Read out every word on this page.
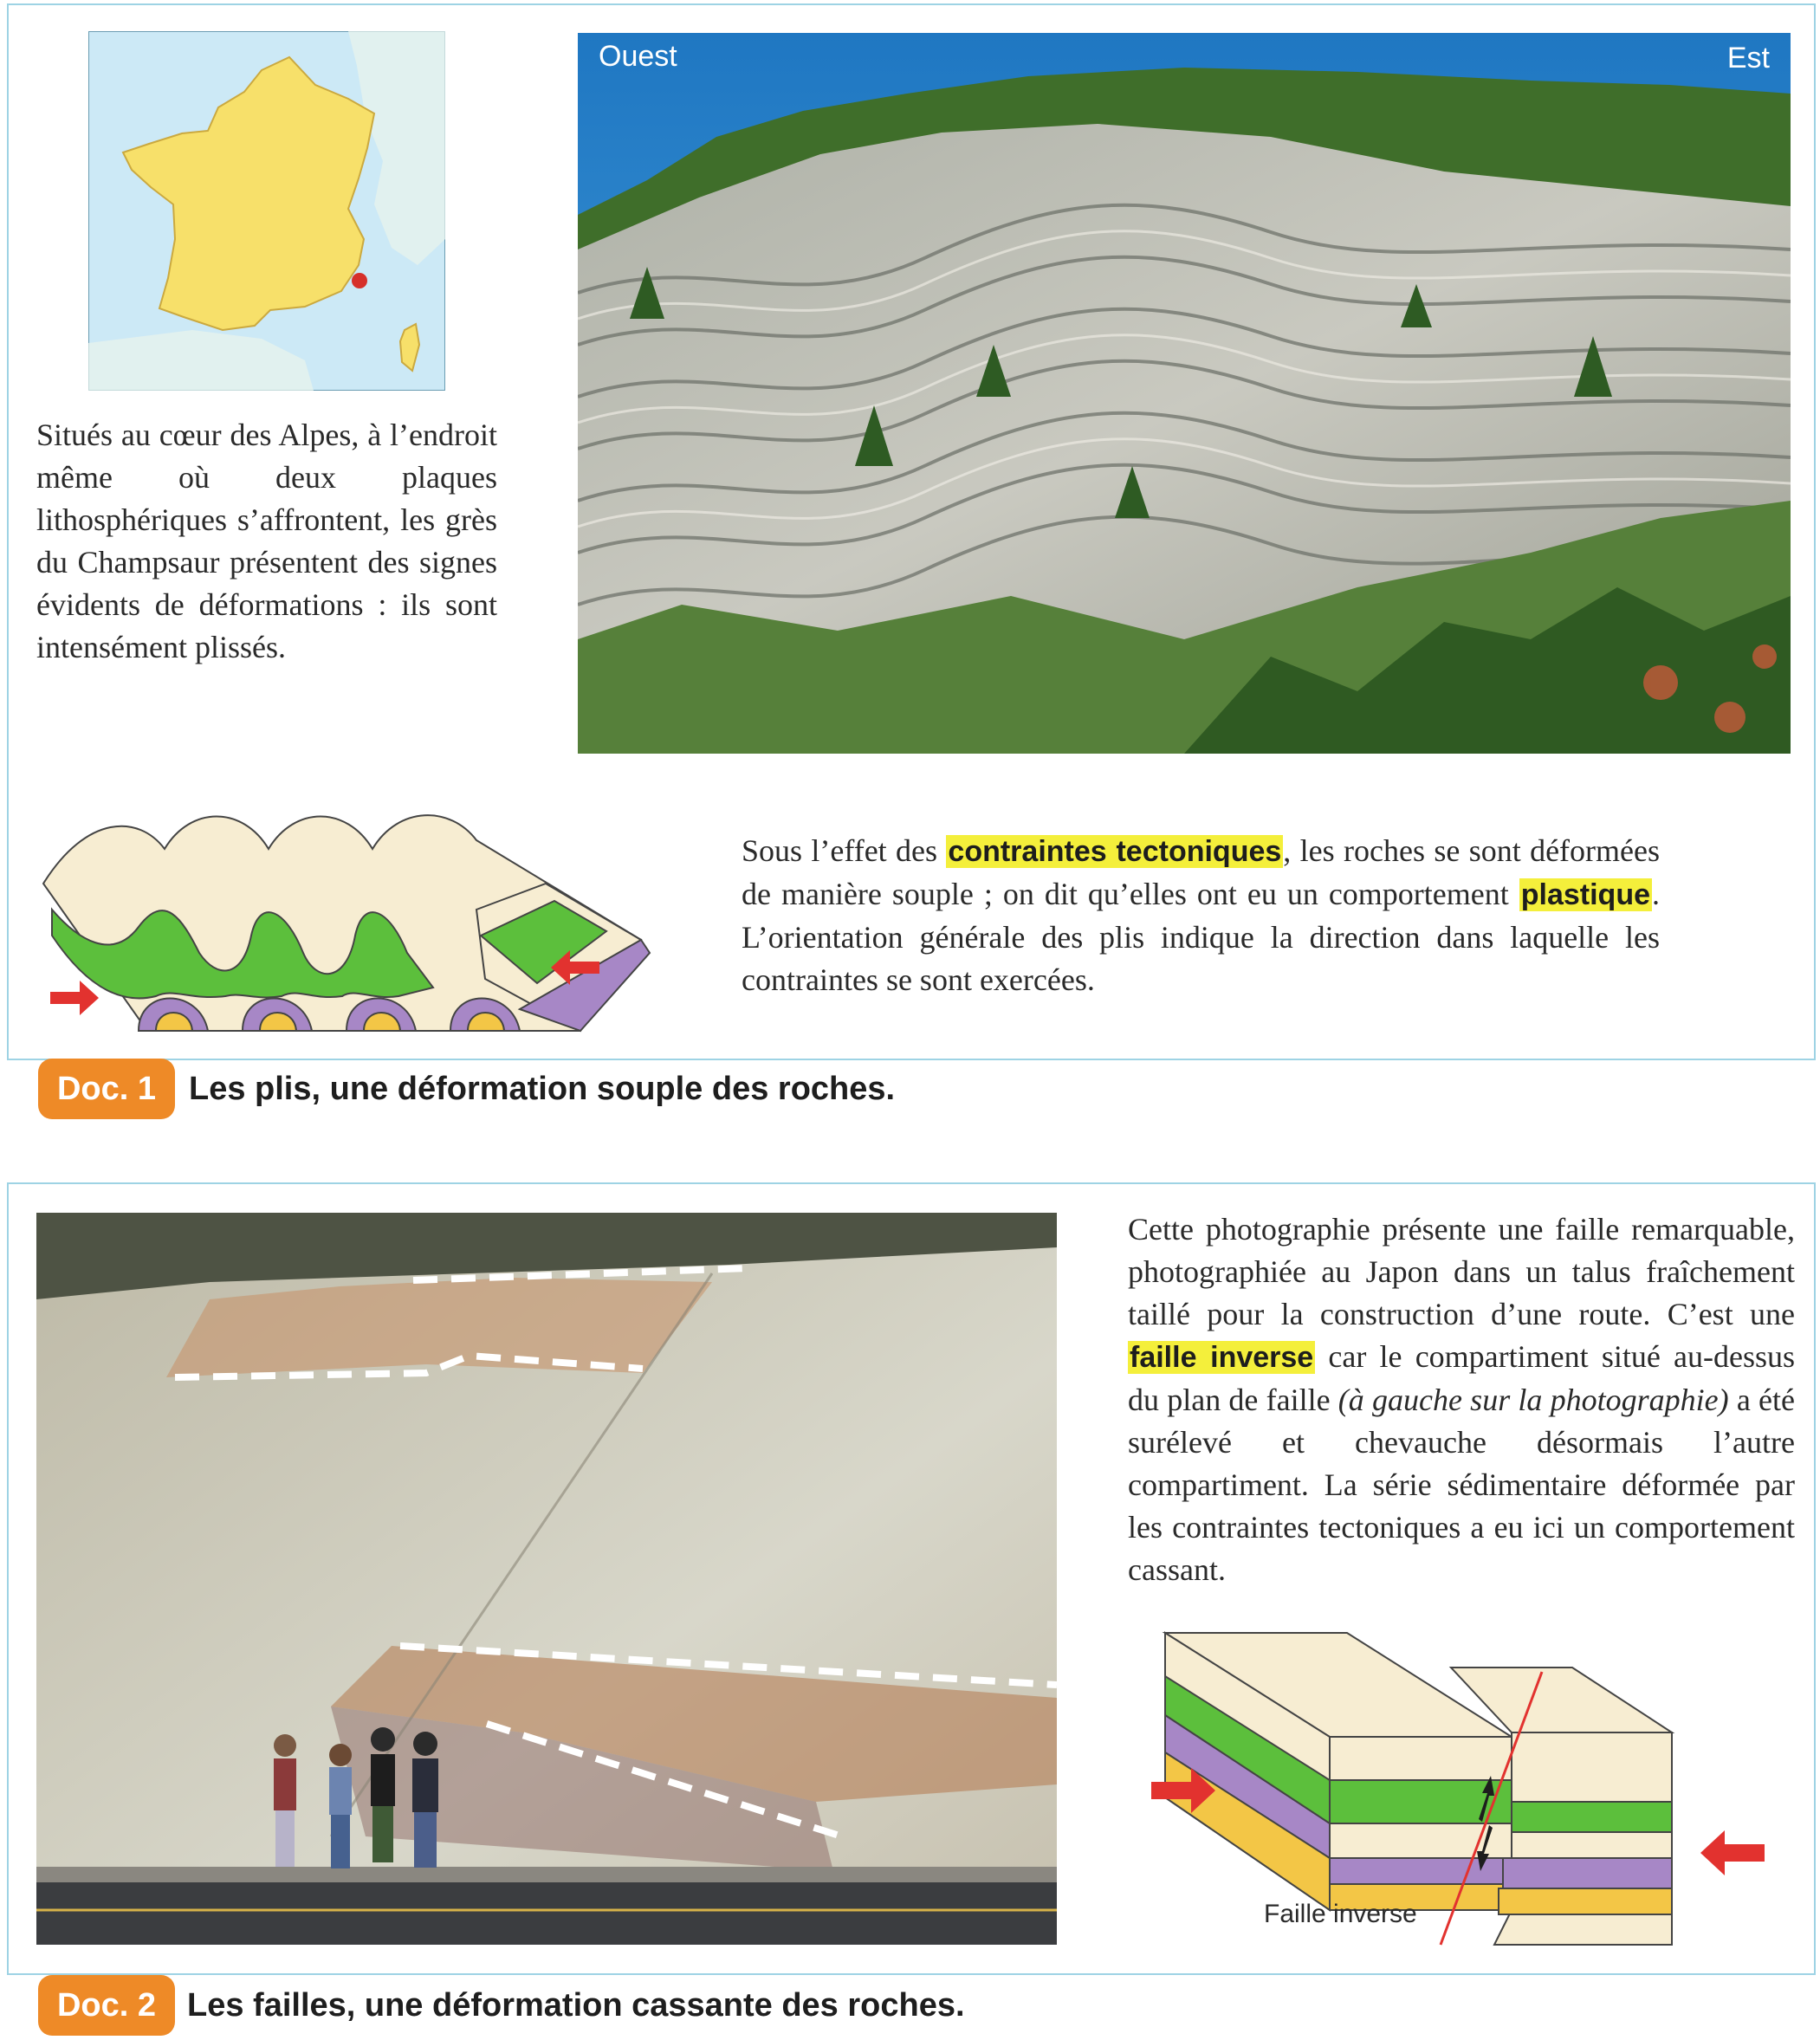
Situés au cœur des Alpes, à l’endroit même où deux plaques lithosphériques s’affrontent, les grès du Champsaur présentent des signes évidents de déformations : ils sont intensément plissés.
Ouest	Est
Sous l’effet des contraintes tectoniques, les roches se sont déformées de manière souple ; on dit qu’elles ont eu un comportement plastique. L’orientation générale des plis indique la direction dans laquelle les contraintes se sont exercées.
Doc. 1 Les plis, une déformation souple des roches.
Cette photographie présente une faille remarquable, photographiée au Japon dans un talus fraîchement taillé pour la construction d’une route. C’est une faille inverse car le compartiment situé au-dessus du plan de faille (à gauche sur la photographie) a été surélevé et chevauche désormais l’autre compartiment. La série sédimentaire déformée par les contraintes tectoniques a eu ici un comportement cassant.
Faille inverse
Doc. 2 Les failles, une déformation cassante des roches.
